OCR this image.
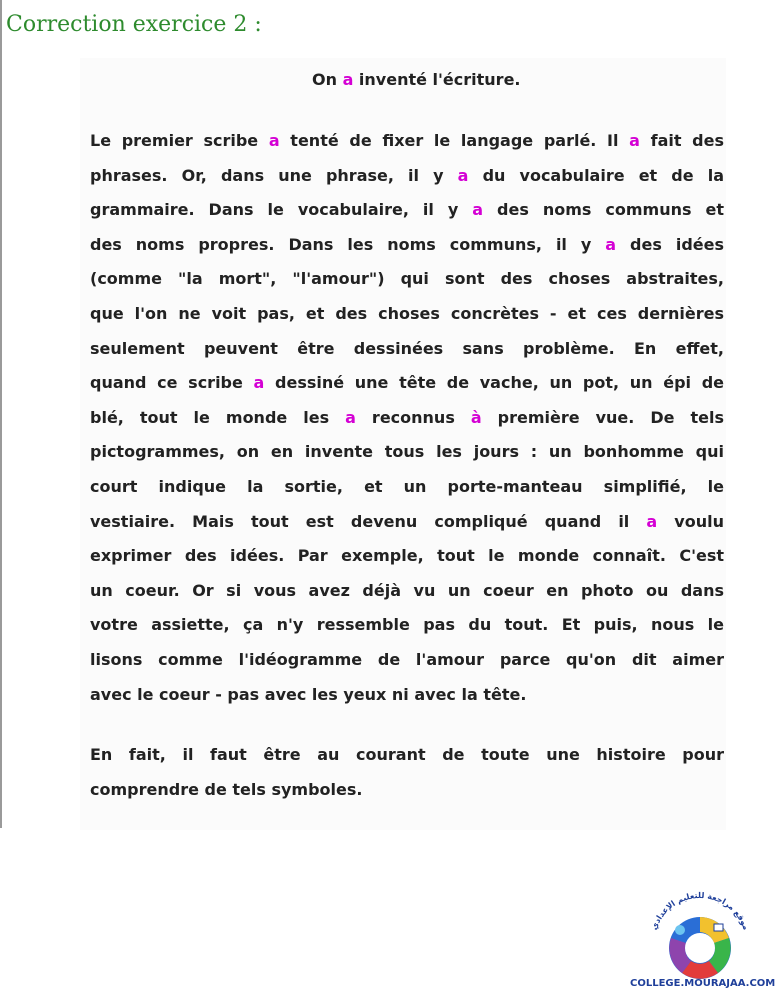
Correction exercice 2 :
On a inventé l'écriture.
Le premier scribe a tenté de fixer le langage parlé. Il a fait des
phrases. Or, dans une phrase, il y a du vocabulaire et de la
grammaire. Dans le vocabulaire, il y a des noms communs et
des noms propres. Dans les noms communs, il y a des idées
(comme "la mort", "l'amour") qui sont des choses abstraites,
que l'on ne voit pas, et des choses concrètes - et ces dernières
seulement peuvent être dessinées sans problème. En effet,
quand ce scribe a dessiné une tête de vache, un pot, un épi de
blé, tout le monde les a reconnus à première vue. De tels
pictogrammes, on en invente tous les jours : un bonhomme qui
court indique la sortie, et un porte-manteau simplifié, le
vestiaire. Mais tout est devenu compliqué quand il a voulu
exprimer des idées. Par exemple, tout le monde connaît. C'est
un coeur. Or si vous avez déjà vu un coeur en photo ou dans
votre assiette, ça n'y ressemble pas du tout. Et puis, nous le
lisons comme l'idéogramme de l'amour parce qu'on dit aimer
avec le coeur - pas avec les yeux ni avec la tête.
En fait, il faut être au courant de toute une histoire pour
comprendre de tels symboles.
موقع مراجعة للتعليم الإعدادي
COLLEGE.MOURAJAA.COM
